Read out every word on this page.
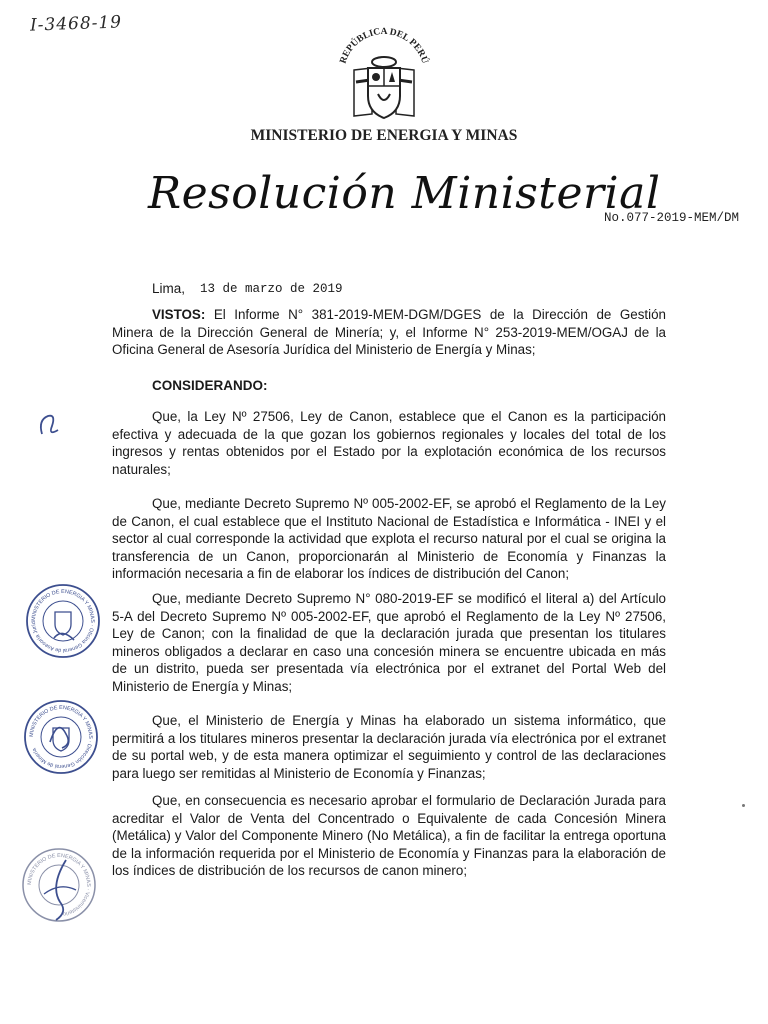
I-3468-19
REPÚBLICA DEL PERÚ
MINISTERIO DE ENERGIA Y MINAS
Resolución Ministerial
No.077-2019-MEM/DM
Lima, 13 de marzo de 2019
VISTOS: El Informe N° 381-2019-MEM-DGM/DGES de la Dirección de Gestión Minera de la Dirección General de Minería; y, el Informe N° 253-2019-MEM/OGAJ de la Oficina General de Asesoría Jurídica del Ministerio de Energía y Minas;
CONSIDERANDO:
Que, la Ley Nº 27506, Ley de Canon, establece que el Canon es la participación efectiva y adecuada de la que gozan los gobiernos regionales y locales del total de los ingresos y rentas obtenidos por el Estado por la explotación económica de los recursos naturales;
Que, mediante Decreto Supremo Nº 005-2002-EF, se aprobó el Reglamento de la Ley de Canon, el cual establece que el Instituto Nacional de Estadística e Informática - INEI y el sector al cual corresponde la actividad que explota el recurso natural por el cual se origina la transferencia de un Canon, proporcionarán al Ministerio de Economía y Finanzas la información necesaria a fin de elaborar los índices de distribución del Canon;
Que, mediante Decreto Supremo N° 080-2019-EF se modificó el literal a) del Artículo 5-A del Decreto Supremo Nº 005-2002-EF, que aprobó el Reglamento de la Ley Nº 27506, Ley de Canon; con la finalidad de que la declaración jurada que presentan los titulares mineros obligados a declarar en caso una concesión minera se encuentre ubicada en más de un distrito, pueda ser presentada vía electrónica por el extranet del Portal Web del Ministerio de Energía y Minas;
Que, el Ministerio de Energía y Minas ha elaborado un sistema informático, que permitirá a los titulares mineros presentar la declaración jurada vía electrónica por el extranet de su portal web, y de esta manera optimizar el seguimiento y control de las declaraciones para luego ser remitidas al Ministerio de Economía y Finanzas;
Que, en consecuencia es necesario aprobar el formulario de Declaración Jurada para acreditar el Valor de Venta del Concentrado o Equivalente de cada Concesión Minera (Metálica) y Valor del Componente Minero (No Metálica), a fin de facilitar la entrega oportuna de la información requerida por el Ministerio de Economía y Finanzas para la elaboración de los índices de distribución de los recursos de canon minero;
MINISTERIO DE ENERGIA Y MINAS · Oficina General de Asesoría Juríd
MINISTERIO DE ENERGIA Y MINAS · Dirección General de Minería
MINISTERIO DE ENERGIA Y MINAS · Viceministerio
